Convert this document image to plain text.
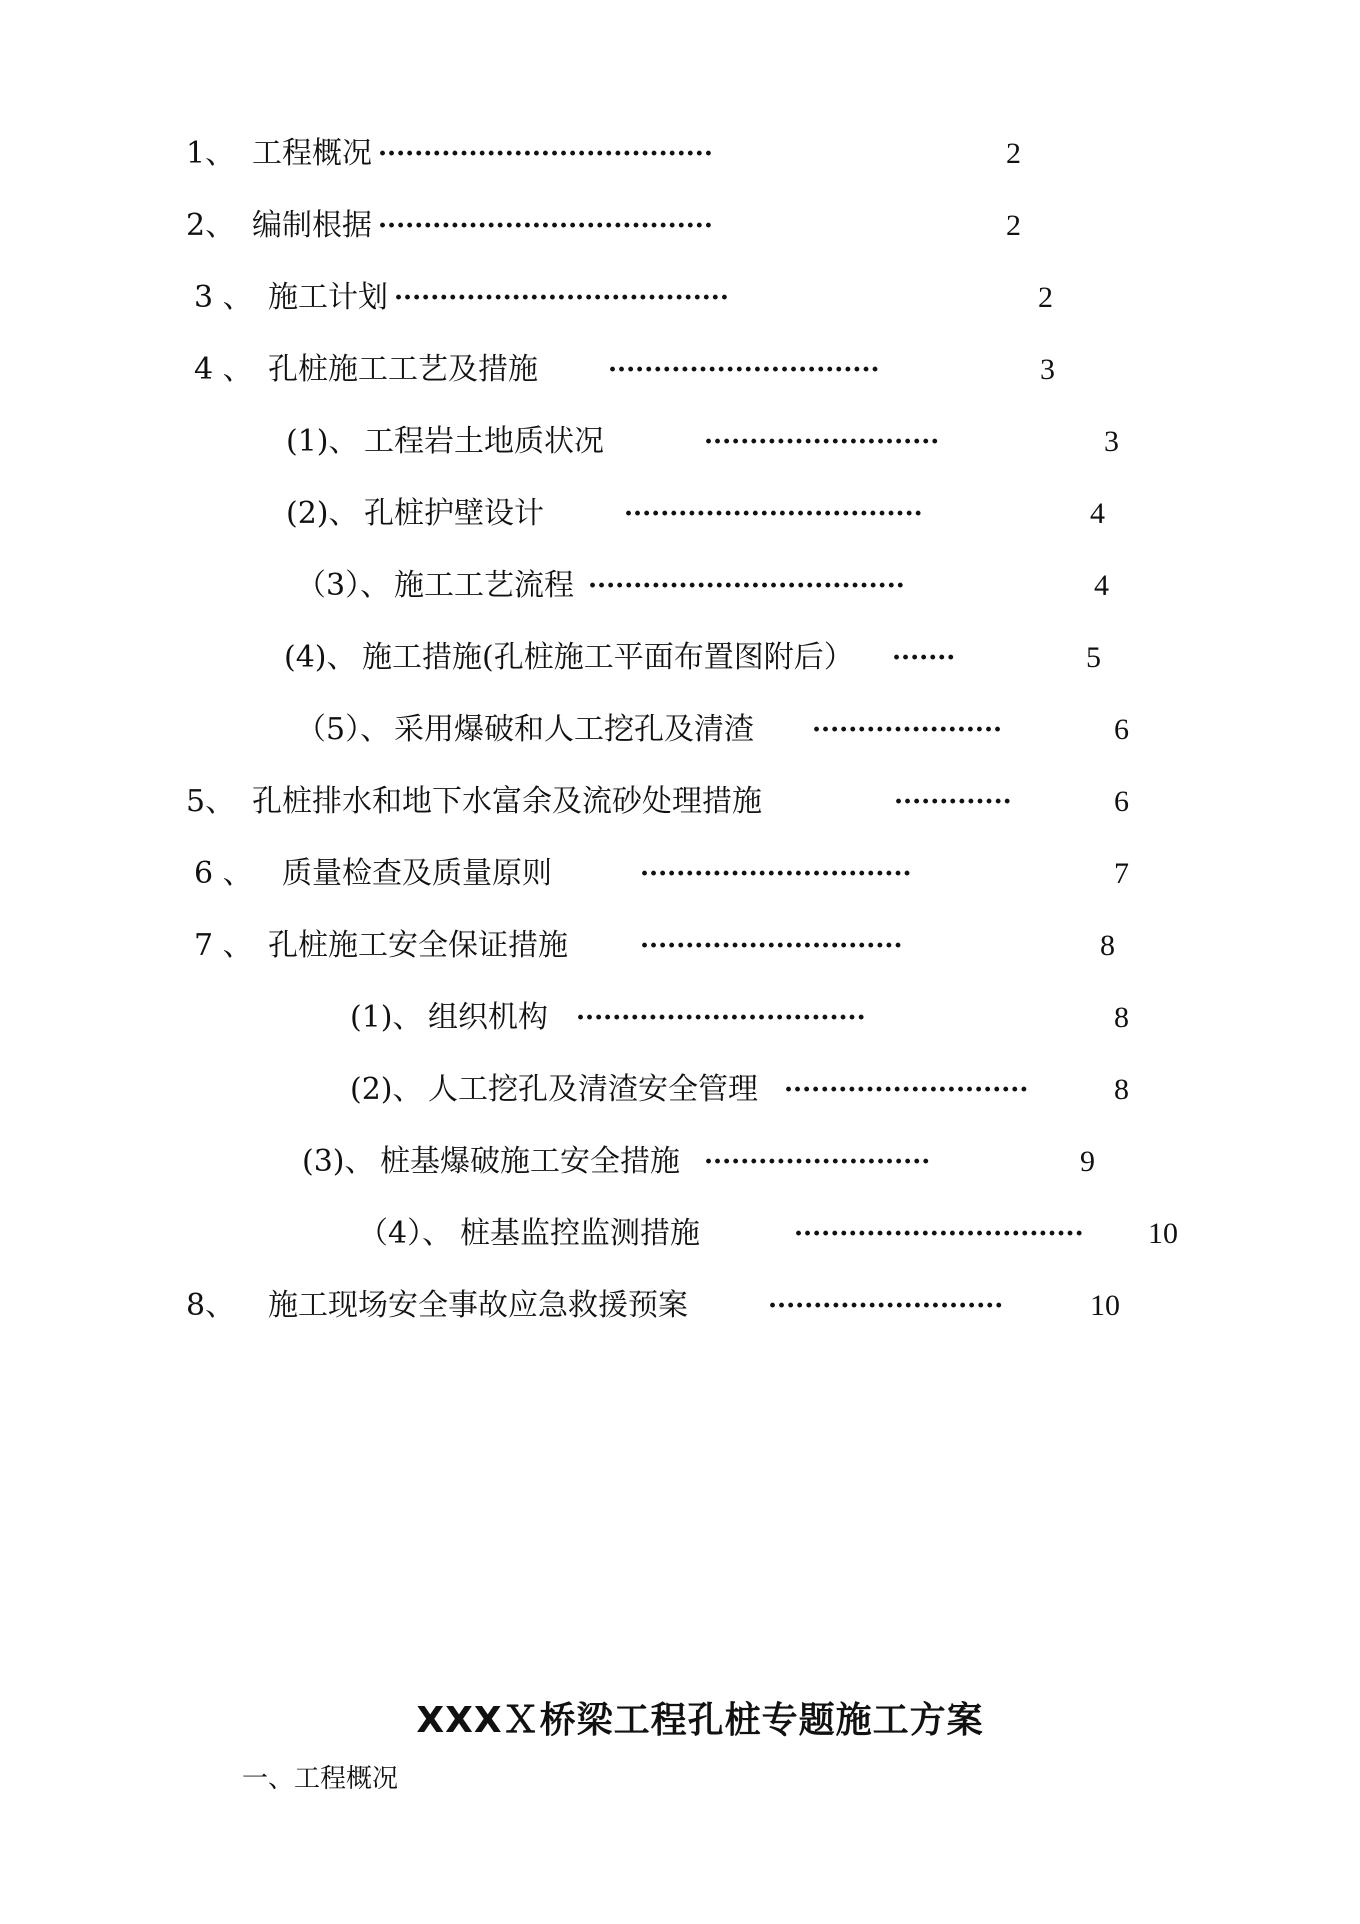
1、 工程概况 ·····································	2
2、 编制根据 ·····································	2
3 、 施工计划 ·····································	2
4 、 孔桩施工工艺及措施	······························	3
(1)、 工程岩土地质状况	··························	3
(2)、 孔桩护壁设计	·································	4
（3）、 施工工艺流程 ···································	4
(4)、 施工措施(孔桩施工平面布置图附后） ·······	5
（5）、 采用爆破和人工挖孔及清渣 ·····················	6
5、 孔桩排水和地下水富余及流砂处理措施	·············	6
6 、 质量检查及质量原则	······························	7
7 、 孔桩施工安全保证措施	·····························	8
(1)、 组织机构 ································	8
(2)、 人工挖孔及清渣安全管理 ···························	8
(3)、 桩基爆破施工安全措施 ·························	9
（4）、 桩基监控监测措施	································	10
8、 施工现场安全事故应急救援预案	··························	10
XXXＸ桥梁工程孔桩专题施工方案
一、工程概况
